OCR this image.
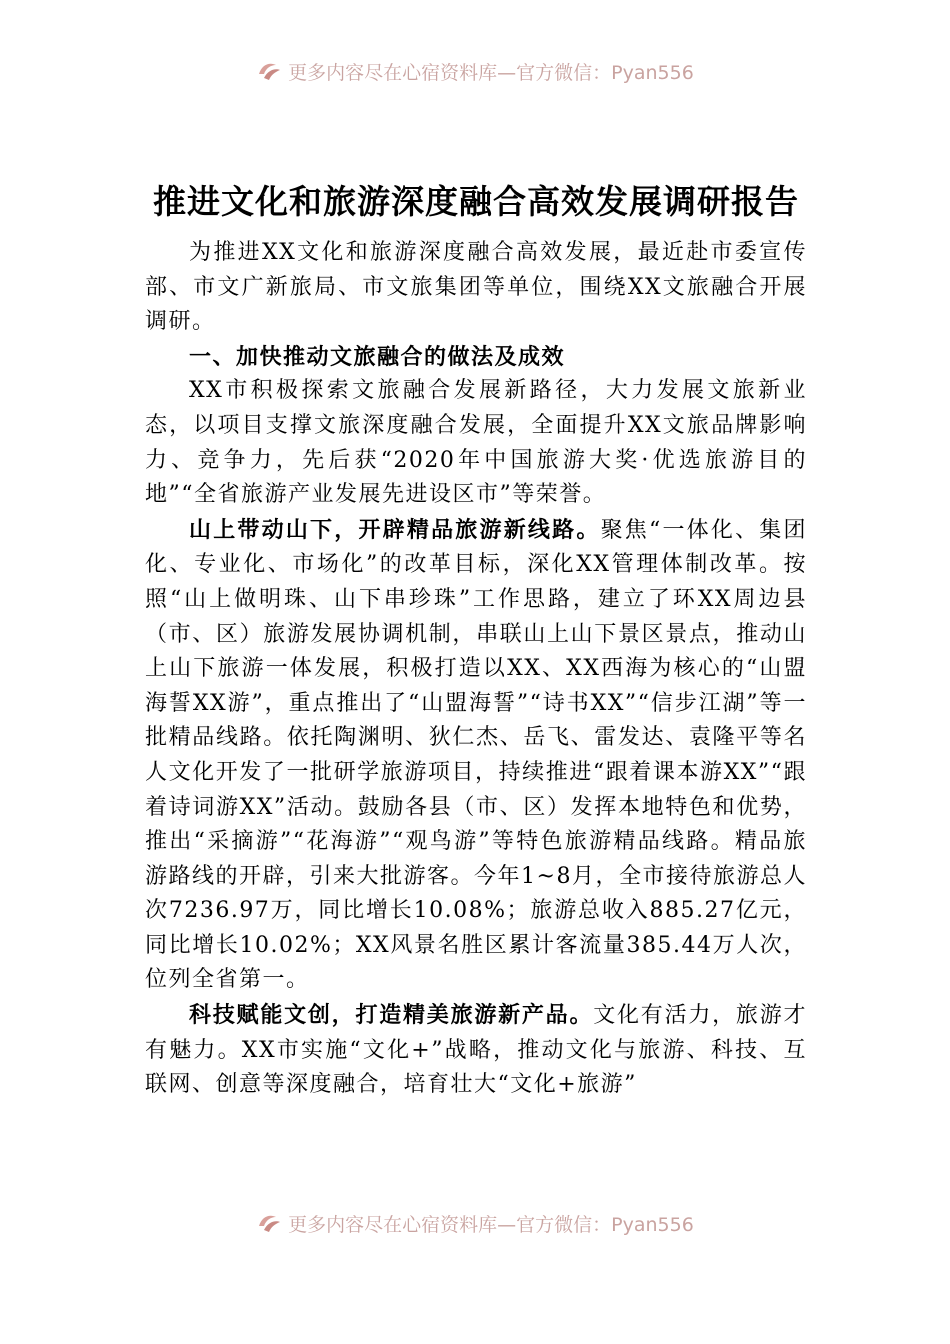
更多内容尽在心宿资料库—官方微信：Pyan556
推进文化和旅游深度融合高效发展调研报告

为推进XX文化和旅游深度融合高效发展，最近赴市委宣传部、市文广新旅局、市文旅集团等单位，围绕XX文旅融合开展调研。

一、加快推动文旅融合的做法及成效

XX市积极探索文旅融合发展新路径，大力发展文旅新业态，以项目支撑文旅深度融合发展，全面提升XX文旅品牌影响力、竞争力，先后获“2020年中国旅游大奖·优选旅游目的地”“全省旅游产业发展先进设区市”等荣誉。

山上带动山下，开辟精品旅游新线路。聚焦“一体化、集团化、专业化、市场化”的改革目标，深化XX管理体制改革。按照“山上做明珠、山下串珍珠”工作思路，建立了环XX周边县（市、区）旅游发展协调机制，串联山上山下景区景点，推动山上山下旅游一体发展，积极打造以XX、XX西海为核心的“山盟海誓XX游”，重点推出了“山盟海誓”“诗书XX”“信步江湖”等一批精品线路。依托陶渊明、狄仁杰、岳飞、雷发达、袁隆平等名人文化开发了一批研学旅游项目，持续推进“跟着课本游XX”“跟着诗词游XX”活动。鼓励各县（市、区）发挥本地特色和优势，推出“采摘游”“花海游”“观鸟游”等特色旅游精品线路。精品旅游路线的开辟，引来大批游客。今年1~8月，全市接待旅游总人次7236.97万，同比增长10.08%；旅游总收入885.27亿元，同比增长10.02%；XX风景名胜区累计客流量385.44万人次，位列全省第一。

科技赋能文创，打造精美旅游新产品。文化有活力，旅游才有魅力。XX市实施“文化+”战略，推动文化与旅游、科技、互联网、创意等深度融合，培育壮大“文化+旅游”

更多内容尽在心宿资料库—官方微信：Pyan556
